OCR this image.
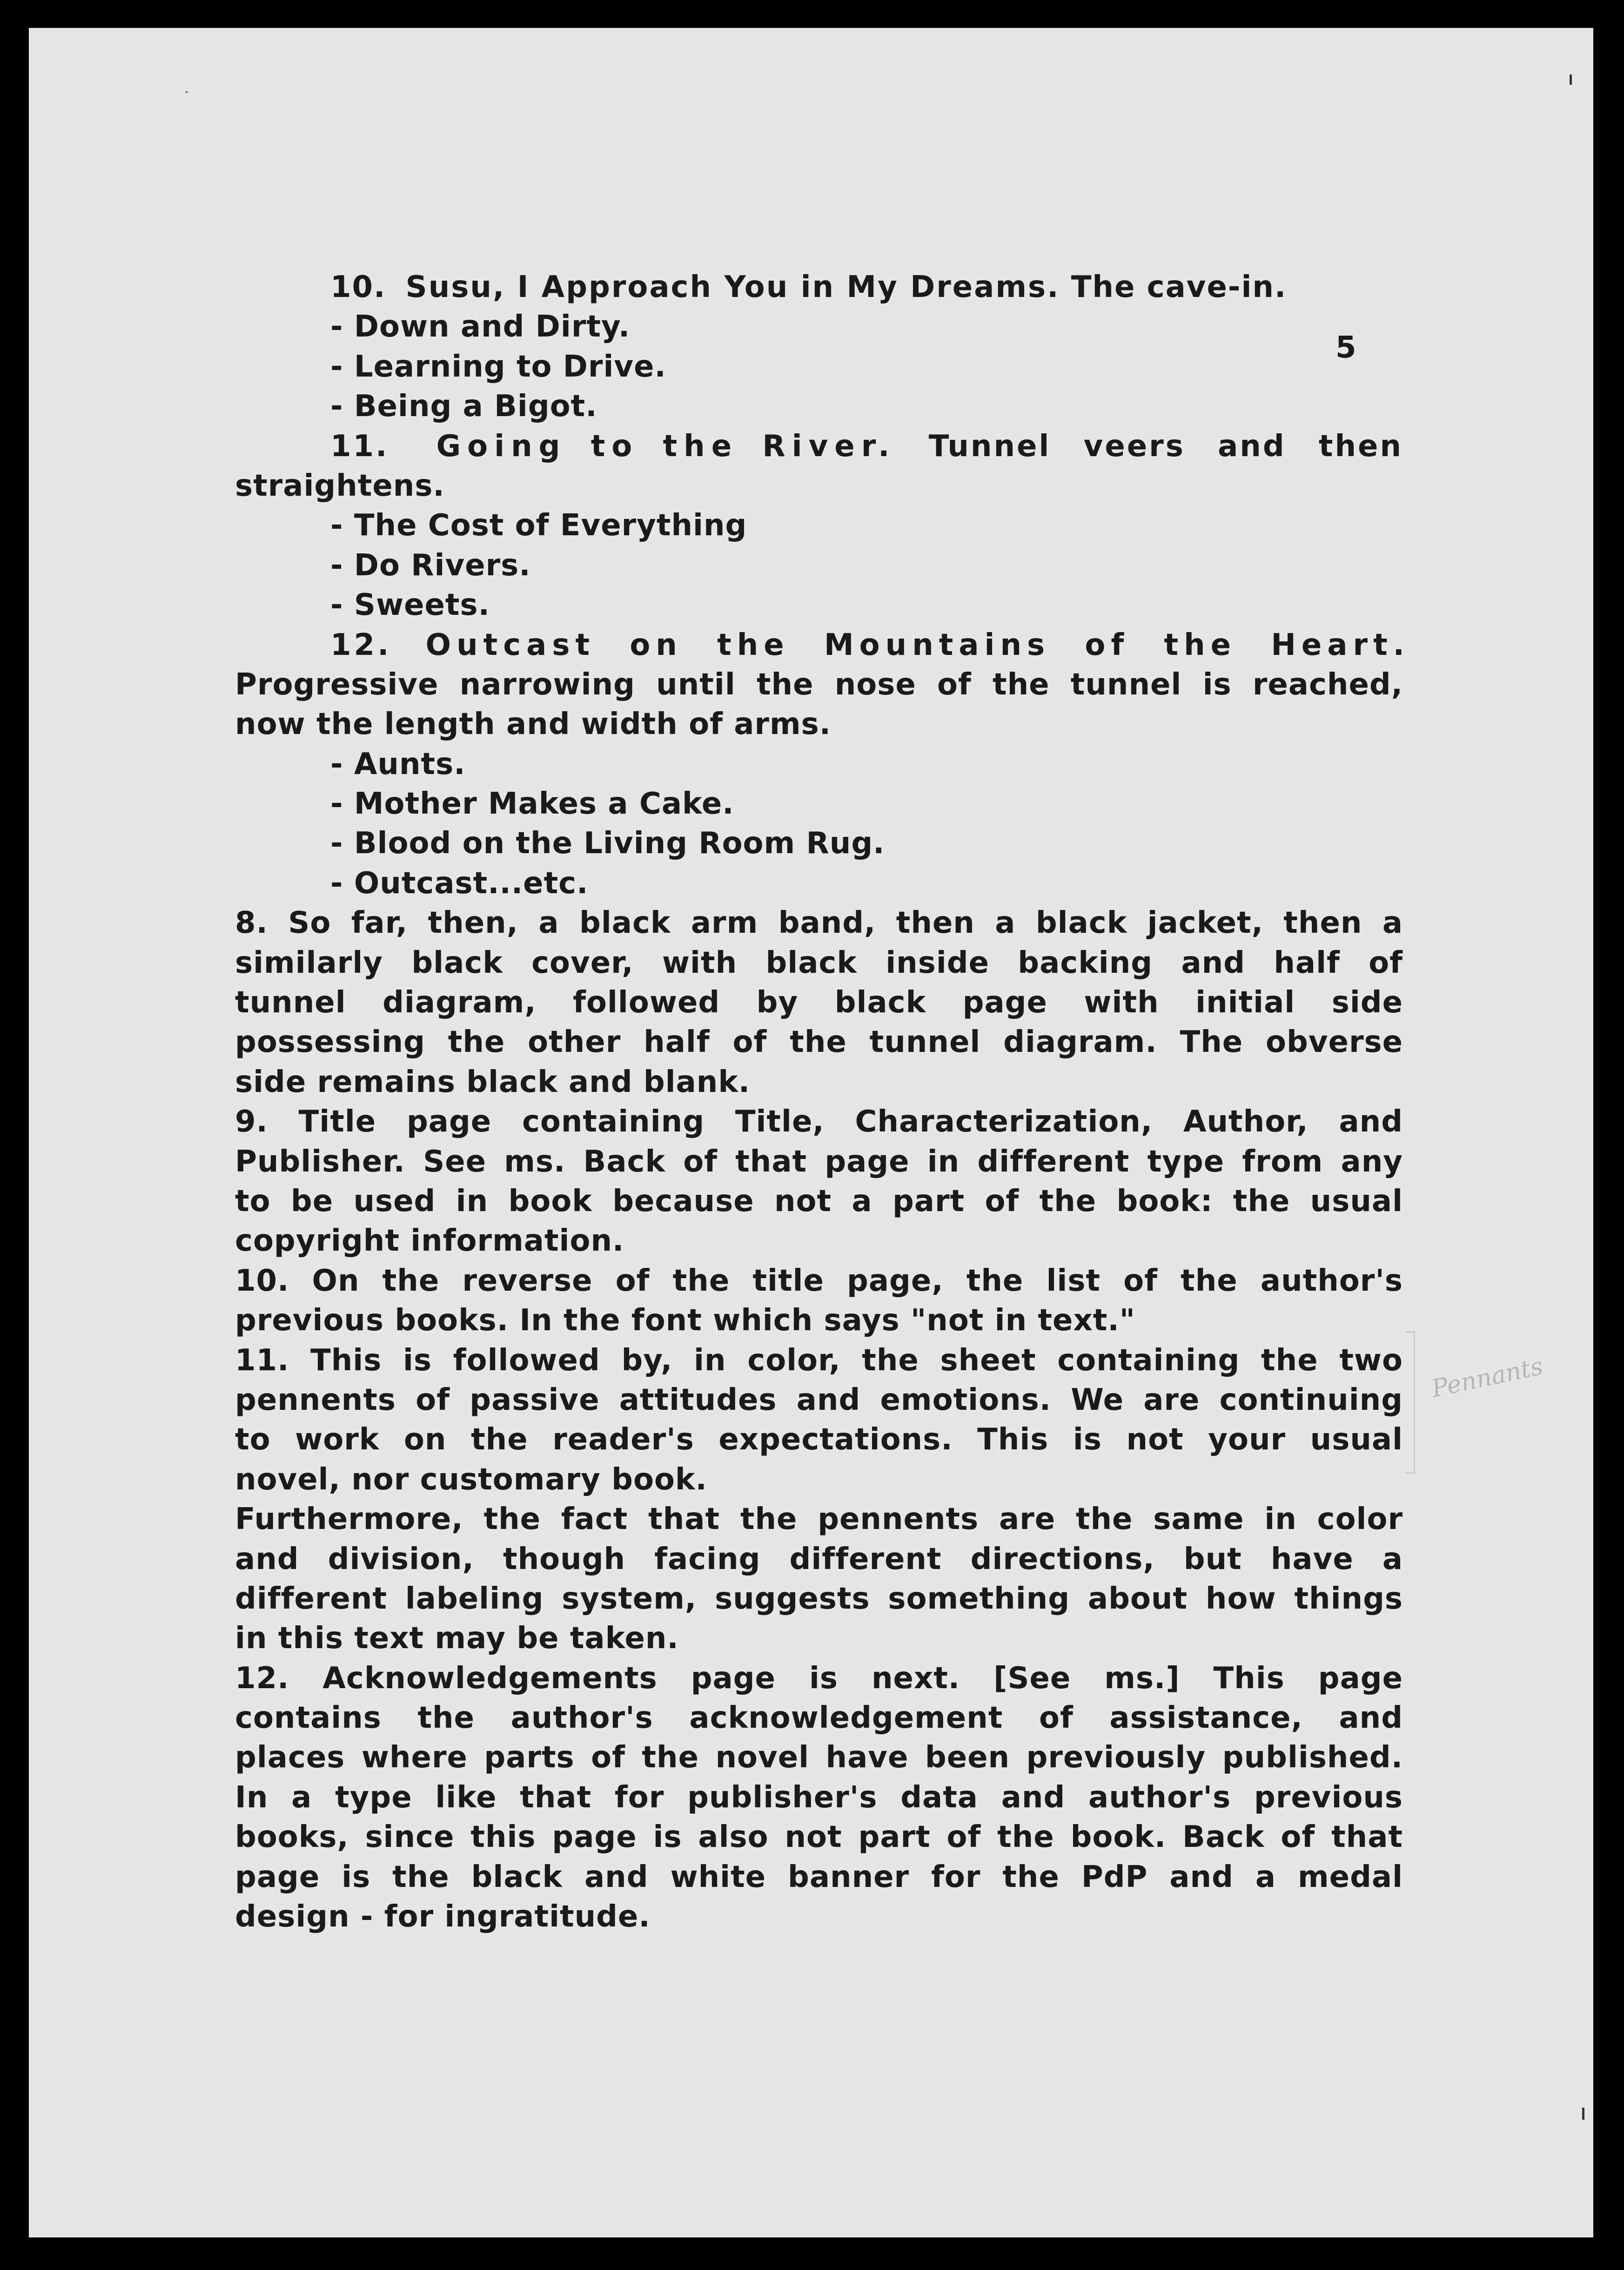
5
10. Susu, I Approach You in My Dreams. The cave-in.
- Down and Dirty.
- Learning to Drive.
- Being a Bigot.
11. Going to the River. Tunnel veers and then
straightens.
- The Cost of Everything
- Do Rivers.
- Sweets.
12. Outcast on the Mountains of the Heart.
Progressive narrowing until the nose of the tunnel is reached,
now the length and width of arms.
- Aunts.
- Mother Makes a Cake.
- Blood on the Living Room Rug.
- Outcast...etc.
8. So far, then, a black arm band, then a black jacket, then a
similarly black cover, with black inside backing and half of
tunnel diagram, followed by black page with initial side
possessing the other half of the tunnel diagram. The obverse
side remains black and blank.
9. Title page containing Title, Characterization, Author, and
Publisher. See ms. Back of that page in different type from any
to be used in book because not a part of the book: the usual
copyright information.
10. On the reverse of the title page, the list of the author's
previous books. In the font which says "not in text."
11. This is followed by, in color, the sheet containing the two
pennents of passive attitudes and emotions. We are continuing
to work on the reader's expectations. This is not your usual
novel, nor customary book.
Furthermore, the fact that the pennents are the same in color
and division, though facing different directions, but have a
different labeling system, suggests something about how things
in this text may be taken.
12. Acknowledgements page is next. [See ms.] This page
contains the author's acknowledgement of assistance, and
places where parts of the novel have been previously published.
In a type like that for publisher's data and author's previous
books, since this page is also not part of the book. Back of that
page is the black and white banner for the PdP and a medal
design - for ingratitude.
Pennants
